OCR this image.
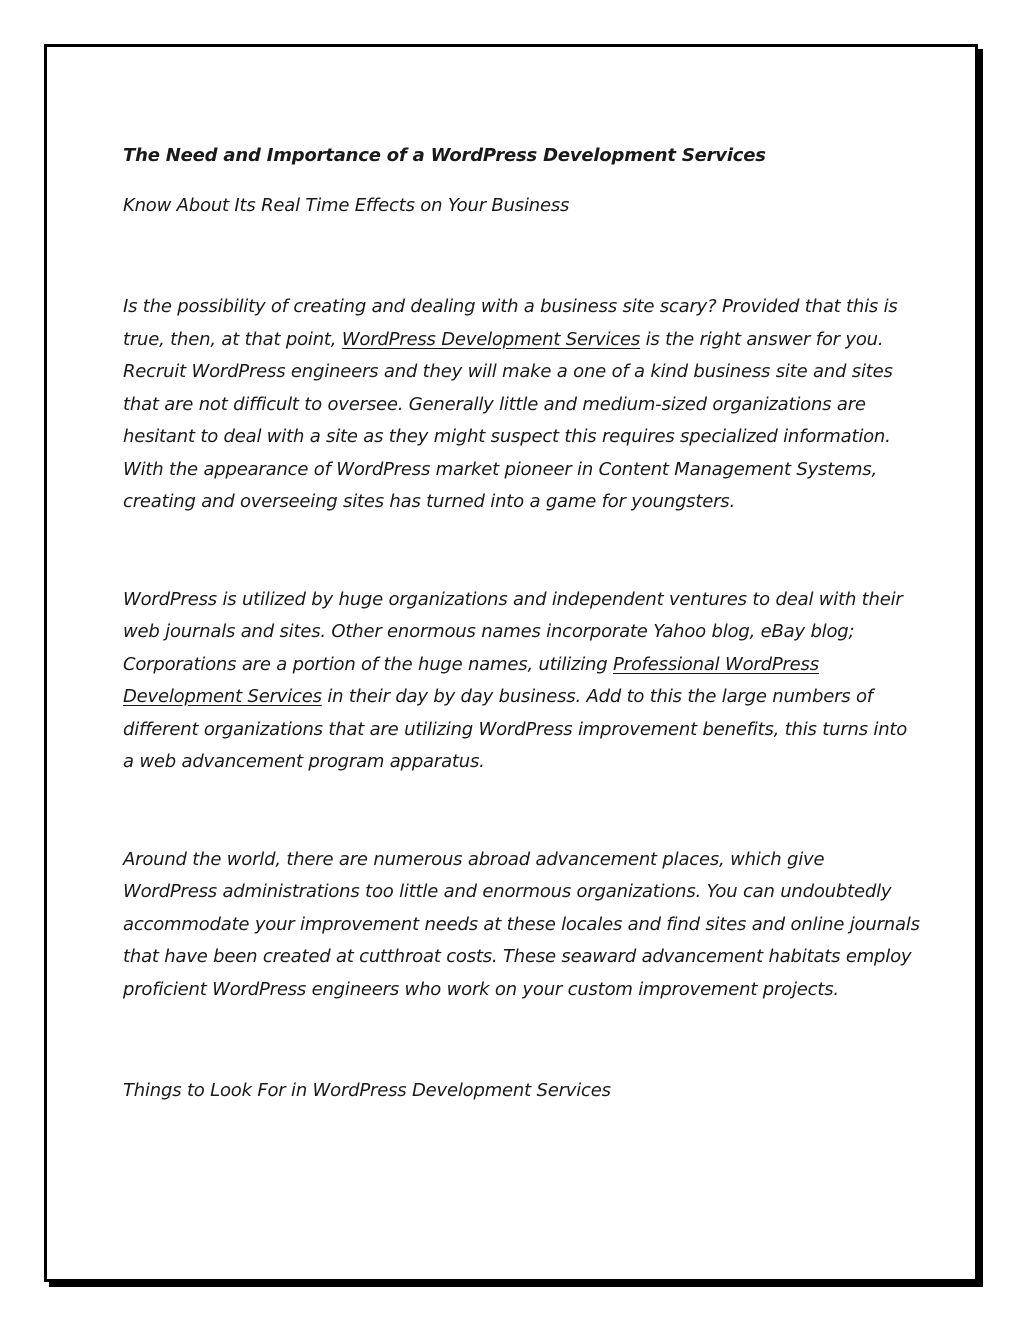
The Need and Importance of a WordPress Development Services

Know About Its Real Time Effects on Your Business

Is the possibility of creating and dealing with a business site scary? Provided that this is true, then, at that point, WordPress Development Services is the right answer for you. Recruit WordPress engineers and they will make a one of a kind business site and sites that are not difficult to oversee. Generally little and medium-sized organizations are hesitant to deal with a site as they might suspect this requires specialized information. With the appearance of WordPress market pioneer in Content Management Systems, creating and overseeing sites has turned into a game for youngsters.

WordPress is utilized by huge organizations and independent ventures to deal with their web journals and sites. Other enormous names incorporate Yahoo blog, eBay blog; Corporations are a portion of the huge names, utilizing Professional WordPress Development Services in their day by day business. Add to this the large numbers of different organizations that are utilizing WordPress improvement benefits, this turns into a web advancement program apparatus.

Around the world, there are numerous abroad advancement places, which give WordPress administrations too little and enormous organizations. You can undoubtedly accommodate your improvement needs at these locales and find sites and online journals that have been created at cutthroat costs. These seaward advancement habitats employ proficient WordPress engineers who work on your custom improvement projects.

Things to Look For in WordPress Development Services
